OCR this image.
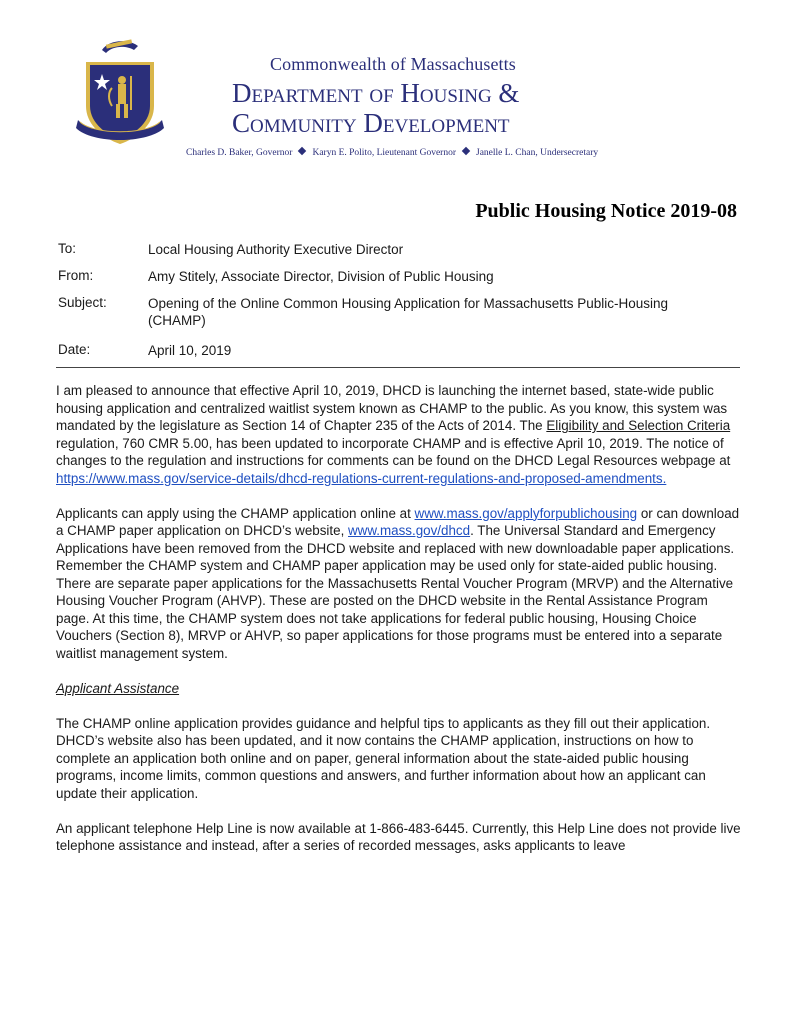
Commonwealth of Massachusetts
Department of Housing &
Community Development
Charles D. Baker, Governor Karyn E. Polito, Lieutenant Governor Janelle L. Chan, Undersecretary
Public Housing Notice 2019-08
To:	Local Housing Authority Executive Director
From:	Amy Stitely, Associate Director, Division of Public Housing
Subject:	Opening of the Online Common Housing Application for Massachusetts Public-Housing (CHAMP)
Date:	April 10, 2019

I am pleased to announce that effective April 10, 2019, DHCD is launching the internet based, state-wide public housing application and centralized waitlist system known as CHAMP to the public. As you know, this system was mandated by the legislature as Section 14 of Chapter 235 of the Acts of 2014. The Eligibility and Selection Criteria regulation, 760 CMR 5.00, has been updated to incorporate CHAMP and is effective April 10, 2019. The notice of changes to the regulation and instructions for comments can be found on the DHCD Legal Resources webpage at https://www.mass.gov/service-details/dhcd-regulations-current-regulations-and-proposed-amendments.

Applicants can apply using the CHAMP application online at www.mass.gov/applyforpublichousing or can download a CHAMP paper application on DHCD’s website, www.mass.gov/dhcd. The Universal Standard and Emergency Applications have been removed from the DHCD website and replaced with new downloadable paper applications. Remember the CHAMP system and CHAMP paper application may be used only for state-aided public housing. There are separate paper applications for the Massachusetts Rental Voucher Program (MRVP) and the Alternative Housing Voucher Program (AHVP). These are posted on the DHCD website in the Rental Assistance Program page. At this time, the CHAMP system does not take applications for federal public housing, Housing Choice Vouchers (Section 8), MRVP or AHVP, so paper applications for those programs must be entered into a separate waitlist management system.

Applicant Assistance

The CHAMP online application provides guidance and helpful tips to applicants as they fill out their application. DHCD’s website also has been updated, and it now contains the CHAMP application, instructions on how to complete an application both online and on paper, general information about the state-aided public housing programs, income limits, common questions and answers, and further information about how an applicant can update their application.

An applicant telephone Help Line is now available at 1-866-483-6445. Currently, this Help Line does not provide live telephone assistance and instead, after a series of recorded messages, asks applicants to leave
